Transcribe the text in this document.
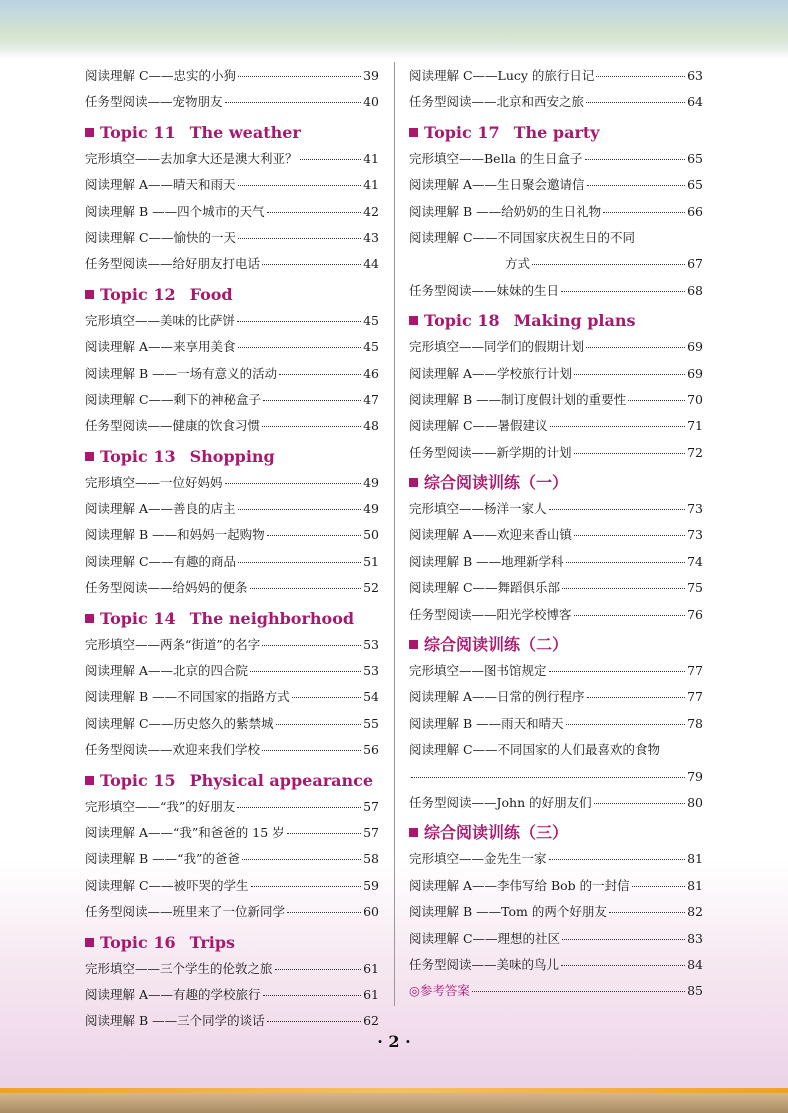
阅读理解 C——忠实的小狗	39
任务型阅读——宠物朋友	40
Topic 11 The weather
完形填空——去加拿大还是澳大利亚？	41
阅读理解 A——晴天和雨天	41
阅读理解 B ——四个城市的天气	42
阅读理解 C——愉快的一天	43
任务型阅读——给好朋友打电话	44
Topic 12 Food
完形填空——美味的比萨饼	45
阅读理解 A——来享用美食	45
阅读理解 B ——一场有意义的活动	46
阅读理解 C——剩下的神秘盒子	47
任务型阅读——健康的饮食习惯	48
Topic 13 Shopping
完形填空——一位好妈妈	49
阅读理解 A——善良的店主	49
阅读理解 B ——和妈妈一起购物	50
阅读理解 C——有趣的商品	51
任务型阅读——给妈妈的便条	52
Topic 14 The neighborhood
完形填空——两条“街道”的名字	53
阅读理解 A——北京的四合院	53
阅读理解 B ——不同国家的指路方式	54
阅读理解 C——历史悠久的紫禁城	55
任务型阅读——欢迎来我们学校	56
Topic 15 Physical appearance
完形填空——“我”的好朋友	57
阅读理解 A——“我”和爸爸的 15 岁	57
阅读理解 B ——“我”的爸爸	58
阅读理解 C——被吓哭的学生	59
任务型阅读——班里来了一位新同学	60
Topic 16 Trips
完形填空——三个学生的伦敦之旅	61
阅读理解 A——有趣的学校旅行	61
阅读理解 B ——三个同学的谈话	62
阅读理解 C——Lucy 的旅行日记	63
任务型阅读——北京和西安之旅	64
Topic 17 The party
完形填空——Bella 的生日盒子	65
阅读理解 A——生日聚会邀请信	65
阅读理解 B ——给奶奶的生日礼物	66
阅读理解 C——不同国家庆祝生日的不同
方式	67
任务型阅读——妹妹的生日	68
Topic 18 Making plans
完形填空——同学们的假期计划	69
阅读理解 A——学校旅行计划	69
阅读理解 B ——制订度假计划的重要性	70
阅读理解 C——暑假建议	71
任务型阅读——新学期的计划	72
综合阅读训练（一）
完形填空——杨洋一家人	73
阅读理解 A——欢迎来香山镇	73
阅读理解 B ——地理新学科	74
阅读理解 C——舞蹈俱乐部	75
任务型阅读——阳光学校博客	76
综合阅读训练（二）
完形填空——图书馆规定	77
阅读理解 A——日常的例行程序	77
阅读理解 B ——雨天和晴天	78
阅读理解 C——不同国家的人们最喜欢的食物
79
任务型阅读——John 的好朋友们	80
综合阅读训练（三）
完形填空——金先生一家	81
阅读理解 A——李伟写给 Bob 的一封信	81
阅读理解 B ——Tom 的两个好朋友	82
阅读理解 C——理想的社区	83
任务型阅读——美味的鸟儿	84
◎参考答案	85
· 2 ·
